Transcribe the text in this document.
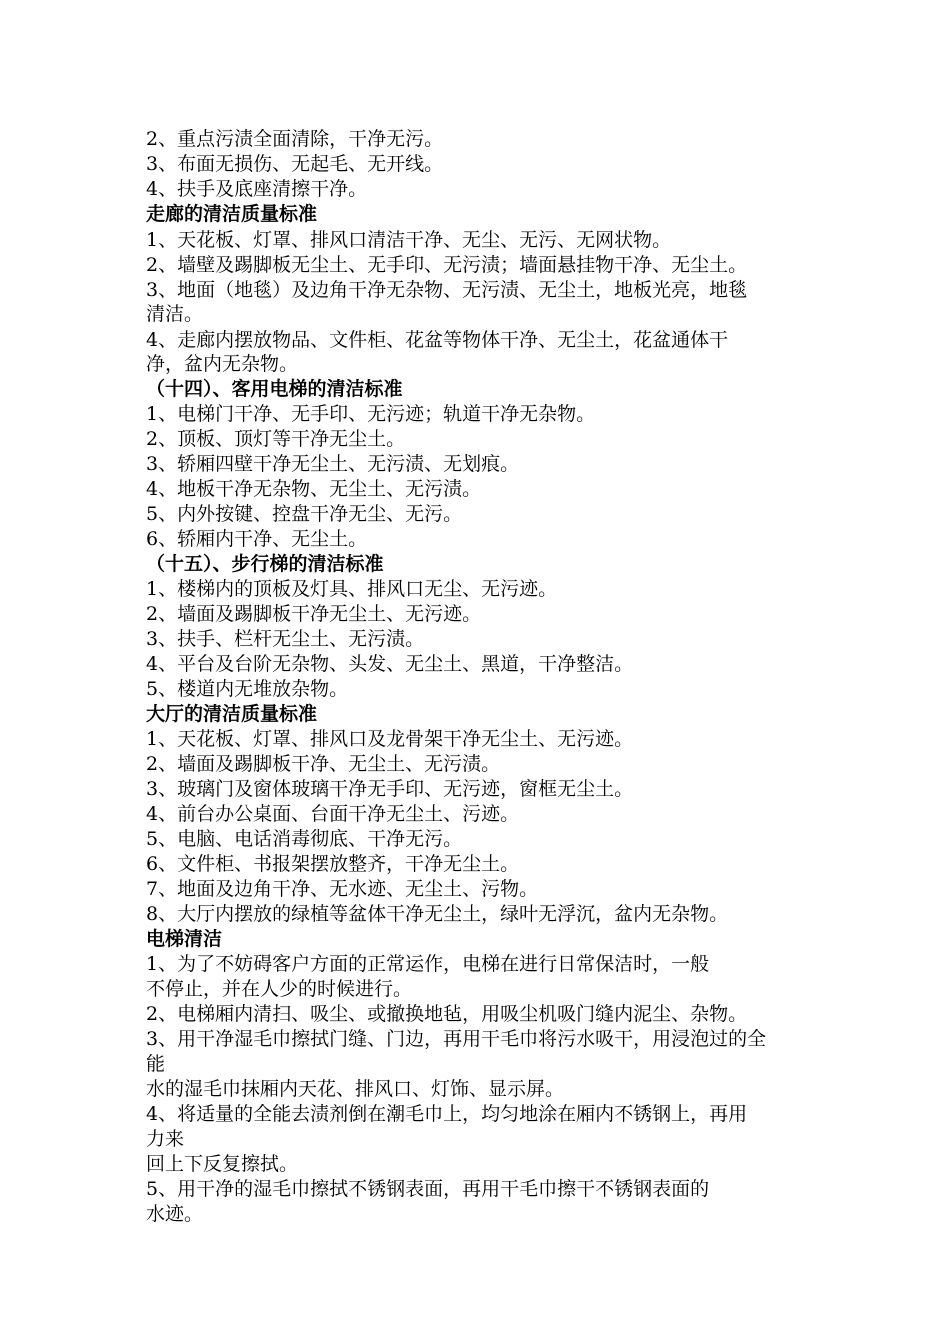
2、重点污渍全面清除，干净无污。
3、布面无损伤、无起毛、无开线。
4、扶手及底座清擦干净。
走廊的清洁质量标准
1、天花板、灯罩、排风口清洁干净、无尘、无污、无网状物。
2、墙壁及踢脚板无尘土、无手印、无污渍；墙面悬挂物干净、无尘土。
3、地面（地毯）及边角干净无杂物、无污渍、无尘土，地板光亮，地毯
清洁。
4、走廊内摆放物品、文件柜、花盆等物体干净、无尘土，花盆通体干
净，盆内无杂物。
（十四）、客用电梯的清洁标准
1、电梯门干净、无手印、无污迹；轨道干净无杂物。
2、顶板、顶灯等干净无尘土。
3、轿厢四壁干净无尘土、无污渍、无划痕。
4、地板干净无杂物、无尘土、无污渍。
5、内外按键、控盘干净无尘、无污。
6、轿厢内干净、无尘土。
（十五）、步行梯的清洁标准
1、楼梯内的顶板及灯具、排风口无尘、无污迹。
2、墙面及踢脚板干净无尘土、无污迹。
3、扶手、栏杆无尘土、无污渍。
4、平台及台阶无杂物、头发、无尘土、黑道，干净整洁。
5、楼道内无堆放杂物。
大厅的清洁质量标准
1、天花板、灯罩、排风口及龙骨架干净无尘土、无污迹。
2、墙面及踢脚板干净、无尘土、无污渍。
3、玻璃门及窗体玻璃干净无手印、无污迹，窗框无尘土。
4、前台办公桌面、台面干净无尘土、污迹。
5、电脑、电话消毒彻底、干净无污。
6、文件柜、书报架摆放整齐，干净无尘土。
7、地面及边角干净、无水迹、无尘土、污物。
8、大厅内摆放的绿植等盆体干净无尘土，绿叶无浮沉，盆内无杂物。
电梯清洁
1、为了不妨碍客户方面的正常运作，电梯在进行日常保洁时，一般
不停止，并在人少的时候进行。
2、电梯厢内清扫、吸尘、或撤换地毡，用吸尘机吸门缝内泥尘、杂物。
3、用干净湿毛巾擦拭门缝、门边，再用干毛巾将污水吸干，用浸泡过的全
能
水的湿毛巾抹厢内天花、排风口、灯饰、显示屏。
4、将适量的全能去渍剂倒在潮毛巾上，均匀地涂在厢内不锈钢上，再用
力来
回上下反复擦拭。
5、用干净的湿毛巾擦拭不锈钢表面，再用干毛巾擦干不锈钢表面的
水迹。
